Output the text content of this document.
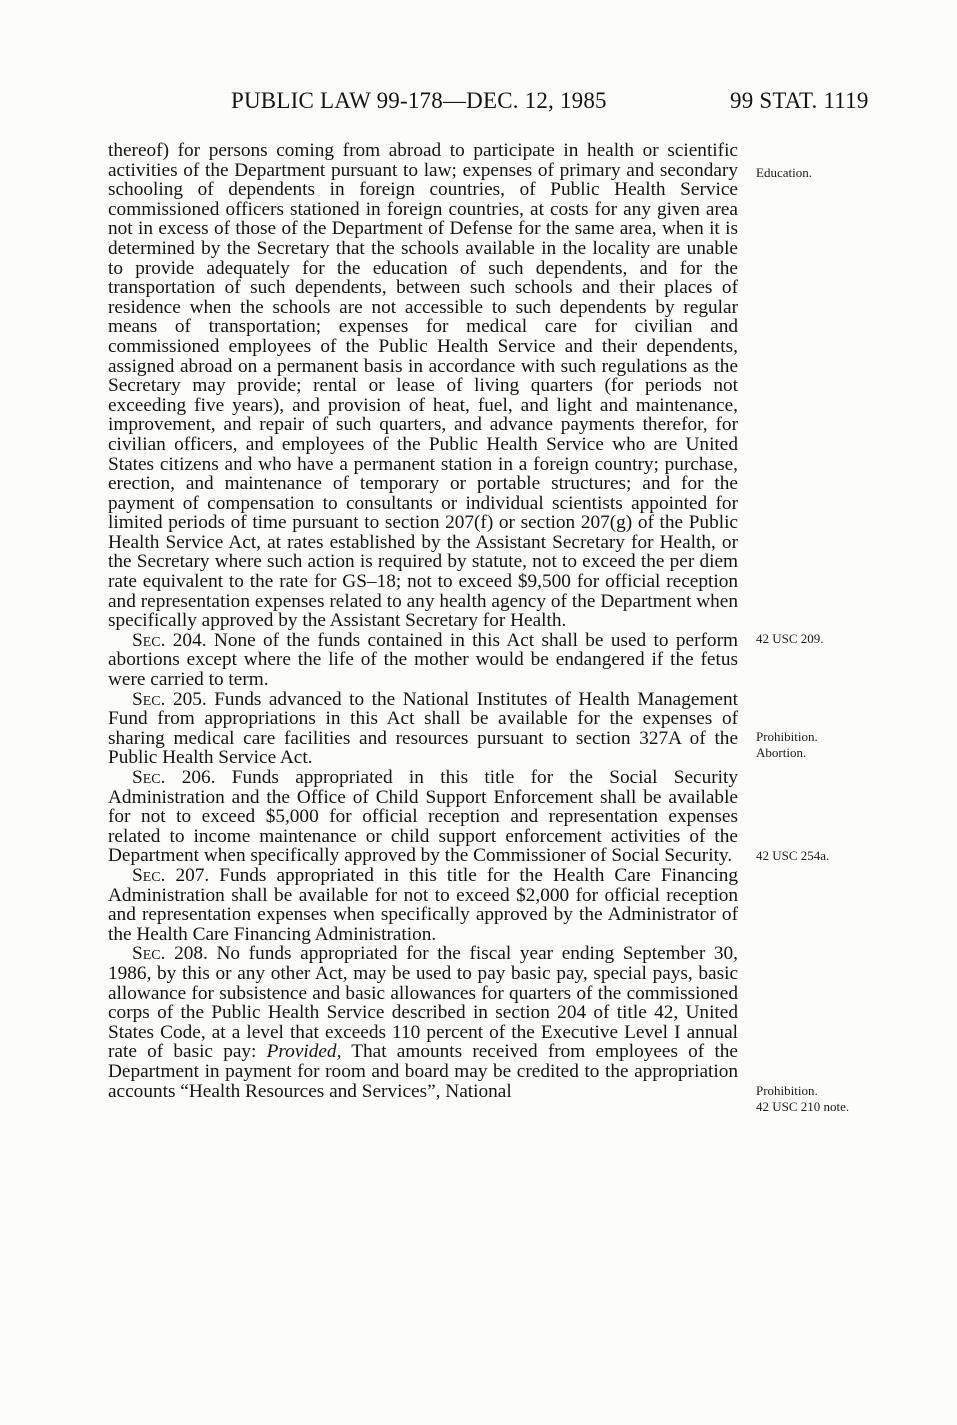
PUBLIC LAW 99-178—DEC. 12, 1985	99 STAT. 1119

thereof) for persons coming from abroad to participate in health or scientific activities of the Department pursuant to law; expenses of primary and secondary schooling of dependents in foreign countries, of Public Health Service commissioned officers stationed in foreign countries, at costs for any given area not in excess of those of the Department of Defense for the same area, when it is determined by the Secretary that the schools available in the locality are unable to provide adequately for the education of such dependents, and for the transportation of such dependents, between such schools and their places of residence when the schools are not accessible to such dependents by regular means of transportation; expenses for medical care for civilian and commissioned employees of the Public Health Service and their dependents, assigned abroad on a permanent basis in accordance with such regulations as the Secretary may provide; rental or lease of living quarters (for periods not exceeding five years), and provision of heat, fuel, and light and maintenance, improvement, and repair of such quarters, and advance payments therefor, for civilian officers, and employees of the Public Health Service who are United States citizens and who have a permanent station in a foreign country; purchase, erection, and maintenance of temporary or portable structures; and for the payment of compensation to consultants or individual scientists appointed for limited periods of time pursuant to section 207(f) or section 207(g) of the Public Health Service Act, at rates established by the Assistant Secretary for Health, or the Secretary where such action is required by statute, not to exceed the per diem rate equivalent to the rate for GS–18; not to exceed $9,500 for official reception and representation expenses related to any health agency of the Department when specifically approved by the Assistant Secretary for Health.

Sec. 204. None of the funds contained in this Act shall be used to perform abortions except where the life of the mother would be endangered if the fetus were carried to term.

Sec. 205. Funds advanced to the National Institutes of Health Management Fund from appropriations in this Act shall be available for the expenses of sharing medical care facilities and resources pursuant to section 327A of the Public Health Service Act.

Sec. 206. Funds appropriated in this title for the Social Security Administration and the Office of Child Support Enforcement shall be available for not to exceed $5,000 for official reception and representation expenses related to income maintenance or child support enforcement activities of the Department when specifically approved by the Commissioner of Social Security.

Sec. 207. Funds appropriated in this title for the Health Care Financing Administration shall be available for not to exceed $2,000 for official reception and representation expenses when specifically approved by the Administrator of the Health Care Financing Administration.

Sec. 208. No funds appropriated for the fiscal year ending September 30, 1986, by this or any other Act, may be used to pay basic pay, special pays, basic allowance for subsistence and basic allowances for quarters of the commissioned corps of the Public Health Service described in section 204 of title 42, United States Code, at a level that exceeds 110 percent of the Executive Level I annual rate of basic pay: Provided, That amounts received from employees of the Department in payment for room and board may be credited to the appropriation accounts “Health Resources and Services”, National

Education.
42 USC 209.
Prohibition.
Abortion.
42 USC 254a.
Prohibition.
42 USC 210 note.
